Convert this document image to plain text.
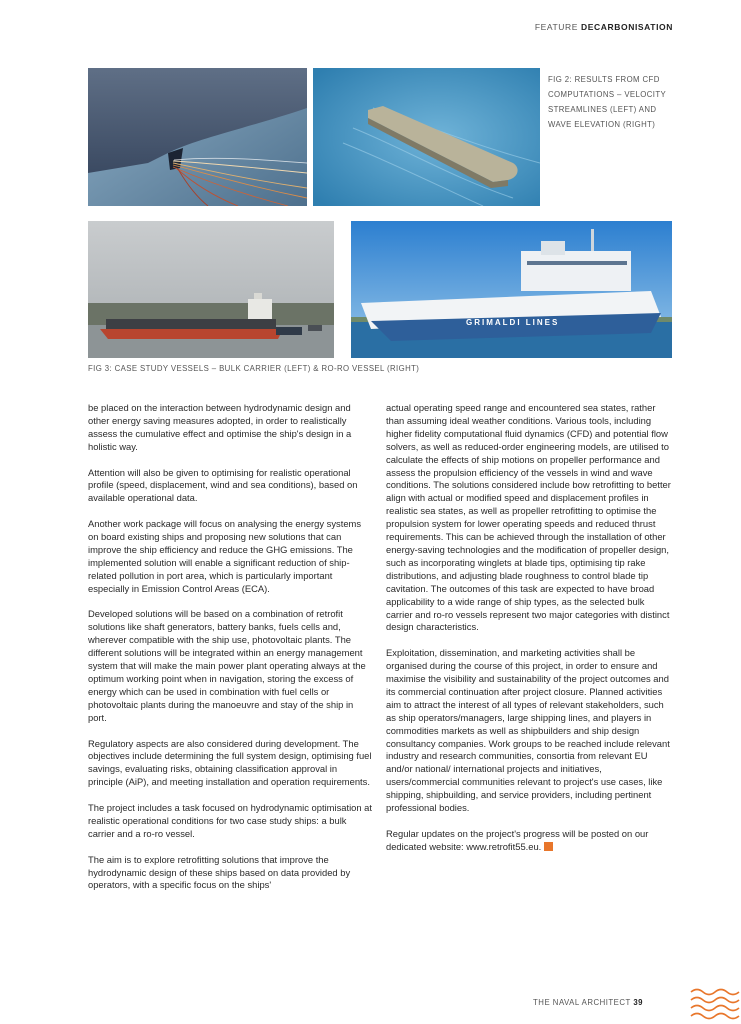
FEATURE DECARBONISATION
FIG 2: RESULTS FROM CFD COMPUTATIONS – VELOCITY STREAMLINES (LEFT) AND WAVE ELEVATION (RIGHT)
GRIMALDI LINES
FIG 3: CASE STUDY VESSELS – BULK CARRIER (LEFT) & RO-RO VESSEL (RIGHT)

be placed on the interaction between hydrodynamic design and other energy saving measures adopted, in order to realistically assess the cumulative effect and optimise the ship's design in a holistic way.

Attention will also be given to optimising for realistic operational profile (speed, displacement, wind and sea conditions), based on available operational data.

Another work package will focus on analysing the energy systems on board existing ships and proposing new solutions that can improve the ship efficiency and reduce the GHG emissions. The implemented solution will enable a significant reduction of ship-related pollution in port area, which is particularly important especially in Emission Control Areas (ECA).

Developed solutions will be based on a combination of retrofit solutions like shaft generators, battery banks, fuels cells and, wherever compatible with the ship use, photovoltaic plants. The different solutions will be integrated within an energy management system that will make the main power plant operating always at the optimum working point when in navigation, storing the excess of energy which can be used in combination with fuel cells or photovoltaic plants during the manoeuvre and stay of the ship in port.

Regulatory aspects are also considered during development. The objectives include determining the full system design, optimising fuel savings, evaluating risks, obtaining classification approval in principle (AiP), and meeting installation and operation requirements.

The project includes a task focused on hydrodynamic optimisation at realistic operational conditions for two case study ships: a bulk carrier and a ro-ro vessel.

The aim is to explore retrofitting solutions that improve the hydrodynamic design of these ships based on data provided by operators, with a specific focus on the ships'

actual operating speed range and encountered sea states, rather than assuming ideal weather conditions. Various tools, including higher fidelity computational fluid dynamics (CFD) and potential flow solvers, as well as reduced-order engineering models, are utilised to calculate the effects of ship motions on propeller performance and assess the propulsion efficiency of the vessels in wind and wave conditions. The solutions considered include bow retrofitting to better align with actual or modified speed and displacement profiles in realistic sea states, as well as propeller retrofitting to optimise the propulsion system for lower operating speeds and reduced thrust requirements. This can be achieved through the installation of other energy-saving technologies and the modification of propeller design, such as incorporating winglets at blade tips, optimising tip rake distributions, and adjusting blade roughness to control blade tip cavitation. The outcomes of this task are expected to have broad applicability to a wide range of ship types, as the selected bulk carrier and ro-ro vessels represent two major categories with distinct design characteristics.

Exploitation, dissemination, and marketing activities shall be organised during the course of this project, in order to ensure and maximise the visibility and sustainability of the project outcomes and its commercial continuation after project closure. Planned activities aim to attract the interest of all types of relevant stakeholders, such as ship operators/managers, large shipping lines, and players in commodities markets as well as shipbuilders and ship design consultancy companies. Work groups to be reached include relevant industry and research communities, consortia from relevant EU and/or national/ international projects and initiatives, users/commercial communities relevant to project's use cases, like shipping, shipbuilding, and service providers, including pertinent professional bodies.

Regular updates on the project's progress will be posted on our dedicated website: www.retrofit55.eu.

THE NAVAL ARCHITECT 39
